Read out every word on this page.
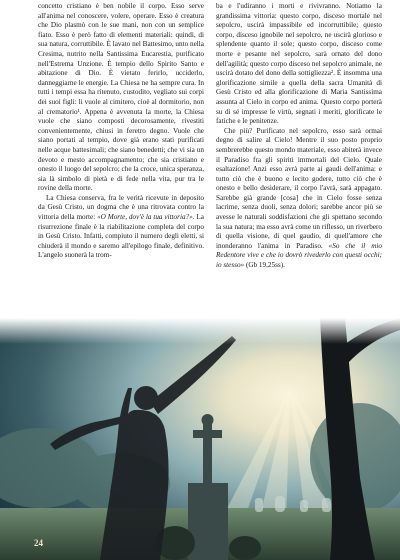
concetto cristiano è ben nobile il corpo. Esso serve all'anima nel conoscere, volere, operare. Esso è creatura che Dio plasmò con le sue mani, non con un semplice fiato. Esso è però fatto di elementi materiali: quindi, di sua natura, corruttibile. È lavato nel Battesimo, unto nella Cresima, nutrito nella Santissima Eucarestia, purificato nell'Estrema Unzione. È tempio dello Spirito Santo e abitazione di Dio. È vietato ferirlo, ucciderlo, danneggiarne le energie. La Chiesa ne ha sempre cura. In tutti i tempi essa ha ritenuto, custodito, vegliato sui corpi dei suoi figli: li vuole al cimitero, cioè al dormitorio, non al crematorio¹. Appena è avvenuta la morte, la Chiesa vuole che siano composti decorosamente, rivestiti convenientemente, chiusi in feretro degno. Vuole che siano portati al tempio, dove già erano stati purificati nelle acque battesimali; che siano benedetti; che vi sia un devoto e mesto accompagnamento; che sia cristiano e onesto il luogo del sepolcro; che la croce, unica speranza, sia là simbolo di pietà e di fede nella vita, pur tra le rovine della morte.

La Chiesa conserva, fra le verità ricevute in deposito da Gesù Cristo, un dogma che è una ritrovata contro la vittoria della morte: «O Morte, dov'è la tua vittoria?». La risurrezione finale è la riabilitazione completa del corpo in Gesù Cristo. Infatti, compiuto il numero degli eletti, si chiuderà il mondo e saremo all'epilogo finale, definitivo. L'angelo suonerà la trom-

ba e l'udiranno i morti e rivivranno. Notiamo la grandissima vittoria: questo corpo, disceso mortale nel sepolcro, uscirà impassibile ed incorruttibile; questo corpo, disceso ignobile nel sepolcro, ne uscirà glorioso e splendente quanto il sole; questo corpo, disceso come morte e pesante nel sepolcro, sarà ornato del dono dell'agilità; questo corpo disceso nel sepolcro animale, ne uscirà dotato del dono della sottigliezza². È insomma una glorificazione simile a quella della sacra Umanità di Gesù Cristo ed alla glorificazione di Maria Santissima assunta al Cielo in corpo ed anima. Questo corpo porterà su di sé impresse le virtù, segnati i meriti, glorificate le fatiche e le penitenze.

Che più? Purificato nel sepolcro, esso sarà ormai degno di salire al Cielo! Mentre il suo posto proprio sembrerebbe questo mondo materiale, esso abiterà invece il Paradiso fra gli spiriti immortali del Cielo. Quale esaltazione! Anzi esso avrà parte ai gaudi dell'anima: e tutto ciò che è buono e lecito godere, tutto ciò che è onesto e bello desiderare, il corpo l'avrà, sarà appagato. Sarebbe già grande [cosa] che in Cielo fosse senza lacrime, senza duoli, senza dolori; sarebbe ancor più se avesse le naturali soddisfazioni che gli spettano secondo la sua natura; ma esso avrà come un riflesso, un riverbero di quella visione, di quel gaudio, di quell'amore che inonderanno l'anima in Paradiso. «So che il mio Redentore vive e che io dovrò rivederlo con questi occhi; io stesso» (Gb 19,25ss).

24
